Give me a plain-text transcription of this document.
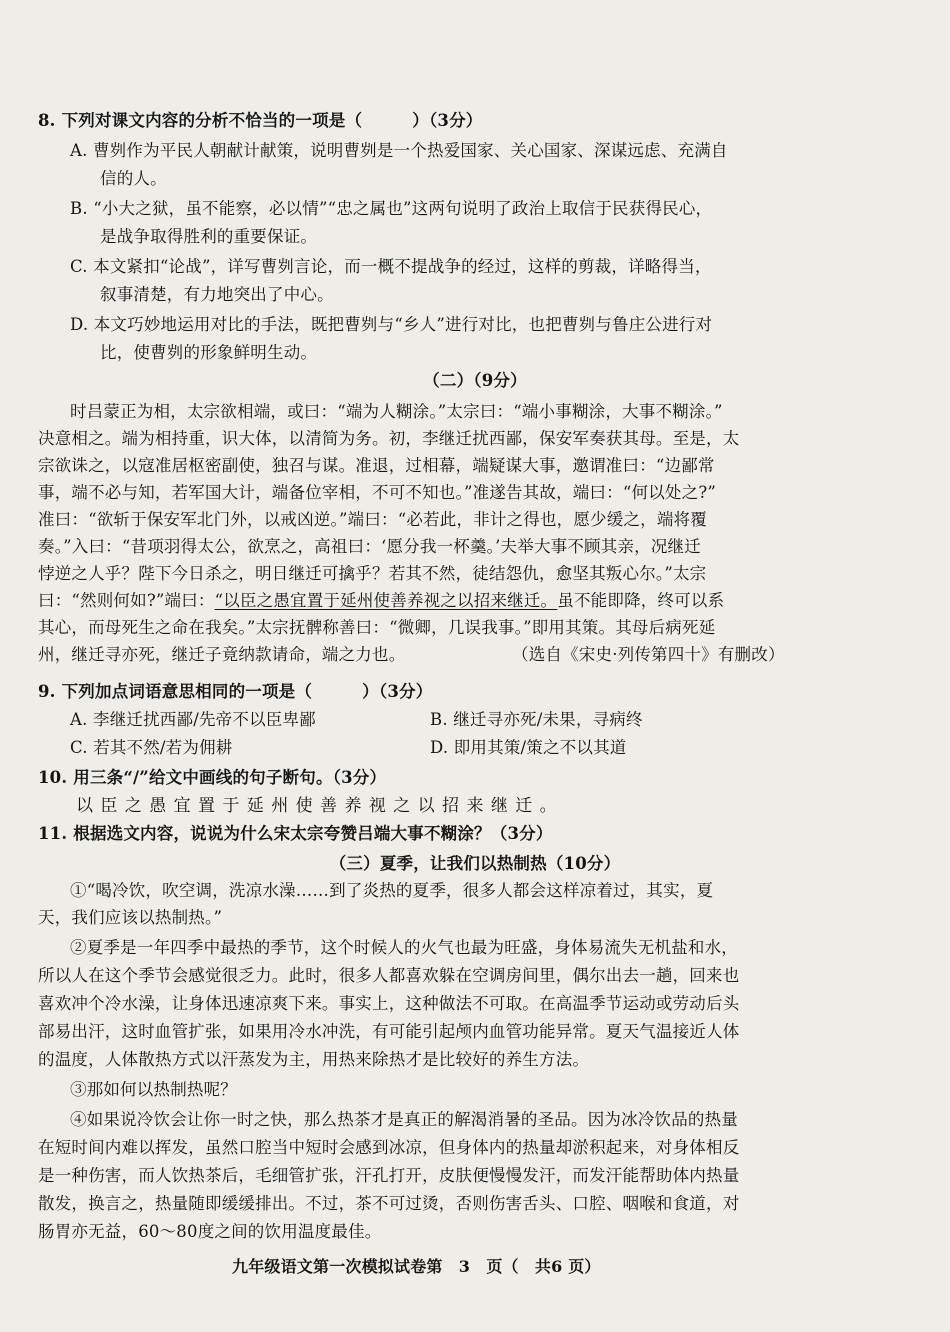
8. 下列对课文内容的分析不恰当的一项是（　　　）（3分）
A. 曹刿作为平民人朝献计献策，说明曹刿是一个热爱国家、关心国家、深谋远虑、充满自
信的人。
B. “小大之狱，虽不能察，必以情”“忠之属也”这两句说明了政治上取信于民获得民心，
是战争取得胜利的重要保证。
C. 本文紧扣“论战”，详写曹刿言论，而一概不提战争的经过，这样的剪裁，详略得当，
叙事清楚，有力地突出了中心。
D. 本文巧妙地运用对比的手法，既把曹刿与“乡人”进行对比，也把曹刿与鲁庄公进行对
比，使曹刿的形象鲜明生动。
（二）（9分）
时吕蒙正为相，太宗欲相端，或曰：“端为人糊涂。”太宗曰：“端小事糊涂，大事不糊涂。”
决意相之。端为相持重，识大体，以清简为务。初，李继迁扰西鄙，保安军奏获其母。至是，太
宗欲诛之，以寇准居枢密副使，独召与谋。准退，过相幕，端疑谋大事，邀谓准曰：“边鄙常
事，端不必与知，若军国大计，端备位宰相，不可不知也。”准遂告其故，端曰：“何以处之?”
准曰：“欲斩于保安军北门外，以戒凶逆。”端曰：“必若此，非计之得也，愿少缓之，端将覆
奏。”入曰：“昔项羽得太公，欲烹之，高祖曰：‘愿分我一杯羹。’夫举大事不顾其亲，况继迁
悖逆之人乎？陛下今日杀之，明日继迁可擒乎？若其不然，徒结怨仇，愈坚其叛心尔。”太宗
曰：“然则何如?”端曰：“以臣之愚宜置于延州使善养视之以招来继迁。虽不能即降，终可以系
其心，而母死生之命在我矣。”太宗抚髀称善曰：“微卿，几误我事。”即用其策。其母后病死延
州，继迁寻亦死，继迁子竟纳款请命，端之力也。	（选自《宋史·列传第四十》有删改）
9. 下列加点词语意思相同的一项是（　　　）（3分）
A. 李继迁扰西鄙/先帝不以臣卑鄙	B. 继迁寻亦死/未果，寻病终
C. 若其不然/若为佣耕	D. 即用其策/策之不以其道
10. 用三条“/”给文中画线的句子断句。（3分）
以 臣 之 愚 宜 置 于 延 州 使 善 养 视 之 以 招 来 继 迁 。
11. 根据选文内容，说说为什么宋太宗夸赞吕端大事不糊涂？（3分）
（三）夏季，让我们以热制热（10分）
①“喝冷饮，吹空调，洗凉水澡……到了炎热的夏季，很多人都会这样凉着过，其实，夏
天，我们应该以热制热。”
②夏季是一年四季中最热的季节，这个时候人的火气也最为旺盛，身体易流失无机盐和水，
所以人在这个季节会感觉很乏力。此时，很多人都喜欢躲在空调房间里，偶尔出去一趟，回来也
喜欢冲个冷水澡，让身体迅速凉爽下来。事实上，这种做法不可取。在高温季节运动或劳动后头
部易出汗，这时血管扩张，如果用冷水冲洗，有可能引起颅内血管功能异常。夏天气温接近人体
的温度，人体散热方式以汗蒸发为主，用热来除热才是比较好的养生方法。
③那如何以热制热呢？
④如果说冷饮会让你一时之快，那么热茶才是真正的解渴消暑的圣品。因为冰冷饮品的热量
在短时间内难以挥发，虽然口腔当中短时会感到冰凉，但身体内的热量却淤积起来，对身体相反
是一种伤害，而人饮热茶后，毛细管扩张，汗孔打开，皮肤便慢慢发汗，而发汗能帮助体内热量
散发，换言之，热量随即缓缓排出。不过，茶不可过烫，否则伤害舌头、口腔、咽喉和食道，对
肠胃亦无益，60～80度之间的饮用温度最佳。
九年级语文第一次模拟试卷第　3　页（　共6 页）
